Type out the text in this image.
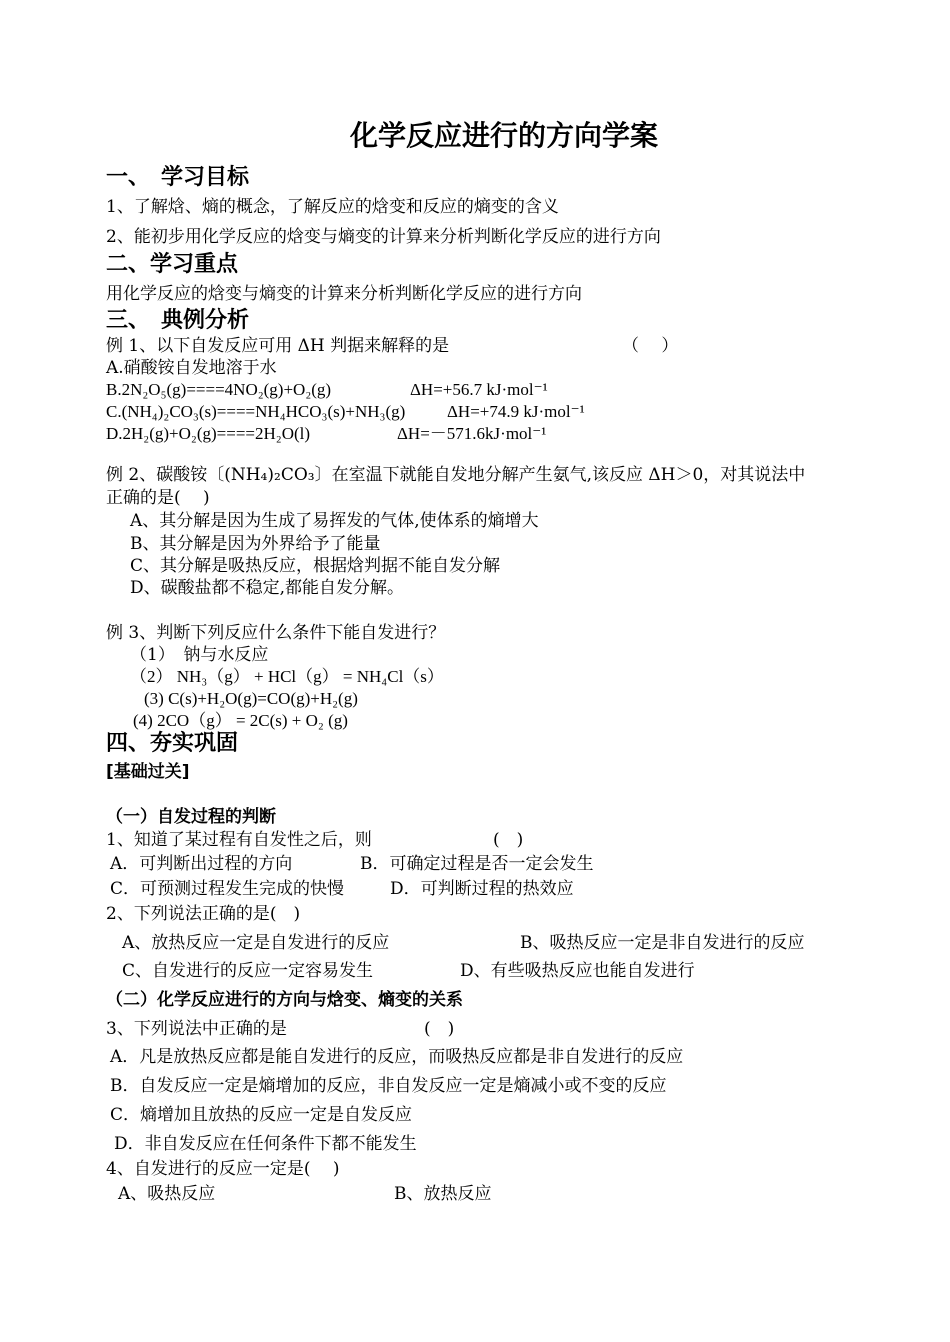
化学反应进行的方向学案
一、　学习目标
1、了解焓、熵的概念，了解反应的焓变和反应的熵变的含义
2、能初步用化学反应的焓变与熵变的计算来分析判断化学反应的进行方向
二、学习重点
用化学反应的焓变与熵变的计算来分析判断化学反应的进行方向
三、　典例分析
例 1、以下自发反应可用 ΔH 判据来解释的是	（　 ）
A.硝酸铵自发地溶于水
B.2N₂O₅(g)====4NO₂(g)+O₂(g)	ΔH=+56.7 kJ·mol⁻¹
C.(NH₄)₂CO₃(s)====NH₄HCO₃(s)+NH₃(g) ΔH=+74.9 kJ·mol⁻¹
D.2H₂(g)+O₂(g)====2H₂O(l)	ΔH=－571.6kJ·mol⁻¹
例 2、碳酸铵〔(NH₄)₂CO₃〕在室温下就能自发地分解产生氨气,该反应 ΔH＞0，对其说法中
正确的是(　 )
A、其分解是因为生成了易挥发的气体,使体系的熵增大
B、其分解是因为外界给予了能量
C、其分解是吸热反应，根据焓判据不能自发分解
D、碳酸盐都不稳定,都能自发分解。
例 3、判断下列反应什么条件下能自发进行？
（1）　钠与水反应
（2） NH₃（g） + HCl（g） = NH₄Cl（s）
(3) C(s)+H₂O(g)=CO(g)+H₂(g)
(4) 2CO（g） = 2C(s) + O₂ (g)
四、夯实巩固
[基础过关]
（一）自发过程的判断
1、知道了某过程有自发性之后，则	(　)
A．可判断出过程的方向	B．可确定过程是否一定会发生
C．可预测过程发生完成的快慢	D．可判断过程的热效应
2、下列说法正确的是(　)
A、放热反应一定是自发进行的反应	B、吸热反应一定是非自发进行的反应
C、自发进行的反应一定容易发生	D、有些吸热反应也能自发进行
（二）化学反应进行的方向与焓变、熵变的关系
3、下列说法中正确的是	(　)
A．凡是放热反应都是能自发进行的反应，而吸热反应都是非自发进行的反应
B．自发反应一定是熵增加的反应，非自发反应一定是熵减小或不变的反应
C．熵增加且放热的反应一定是自发反应
D．非自发反应在任何条件下都不能发生
4、自发进行的反应一定是(　 )
A、吸热反应	B、放热反应
